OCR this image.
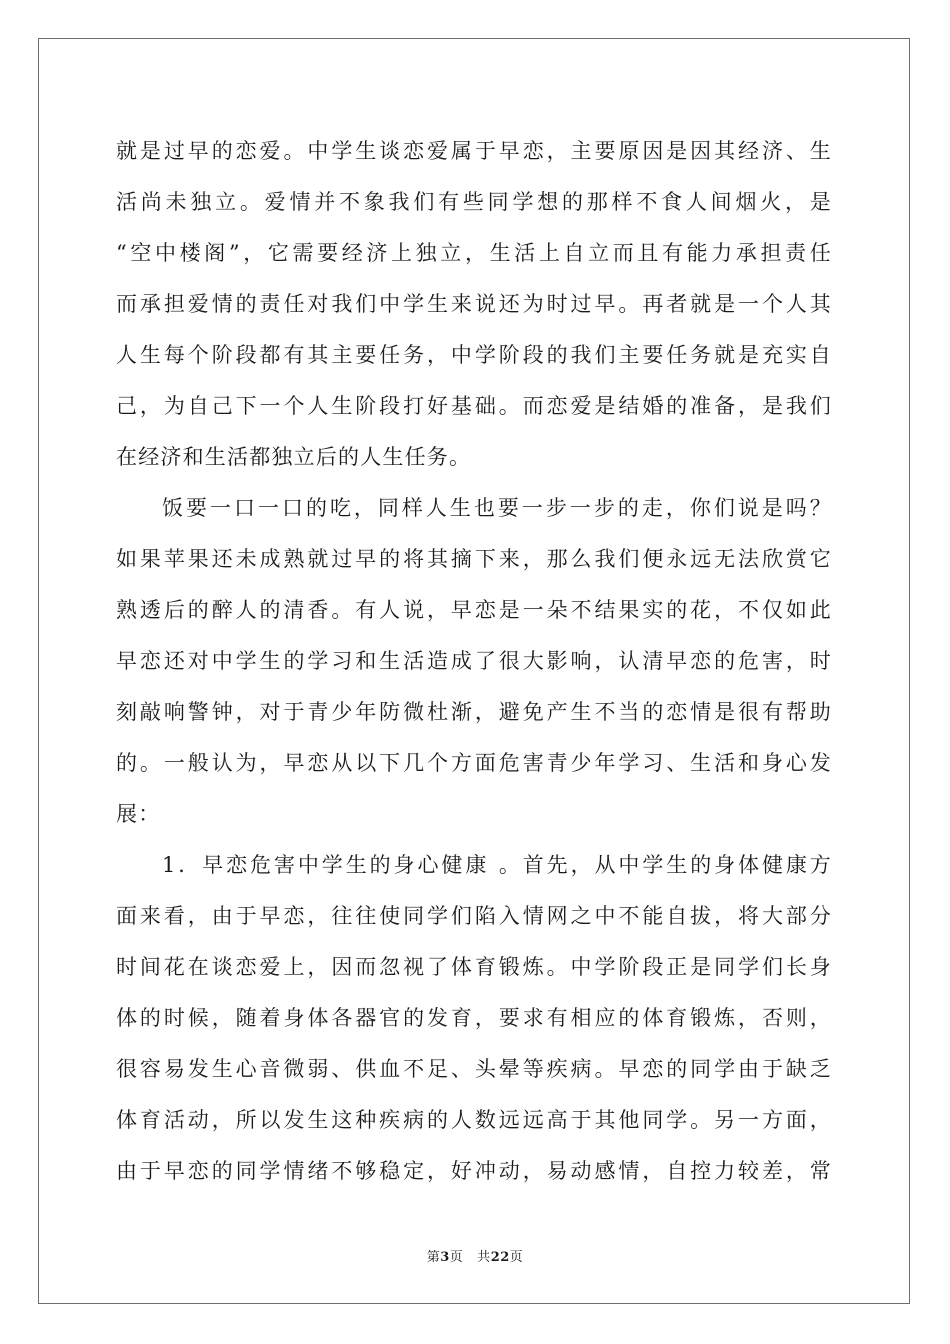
就是过早的恋爱。中学生谈恋爱属于早恋，主要原因是因其经济、生
活尚未独立。爱情并不象我们有些同学想的那样不食人间烟火，是
“空中楼阁”，它需要经济上独立，生活上自立而且有能力承担责任
而承担爱情的责任对我们中学生来说还为时过早。再者就是一个人其
人生每个阶段都有其主要任务，中学阶段的我们主要任务就是充实自
己，为自己下一个人生阶段打好基础。而恋爱是结婚的准备，是我们
在经济和生活都独立后的人生任务。
饭要一口一口的吃，同样人生也要一步一步的走，你们说是吗？
如果苹果还未成熟就过早的将其摘下来，那么我们便永远无法欣赏它
熟透后的醉人的清香。有人说，早恋是一朵不结果实的花，不仅如此
早恋还对中学生的学习和生活造成了很大影响，认清早恋的危害，时
刻敲响警钟，对于青少年防微杜渐，避免产生不当的恋情是很有帮助
的。一般认为，早恋从以下几个方面危害青少年学习、生活和身心发
展：
1．早恋危害中学生的身心健康 。首先，从中学生的身体健康方
面来看，由于早恋，往往使同学们陷入情网之中不能自拔，将大部分
时间花在谈恋爱上，因而忽视了体育锻炼。中学阶段正是同学们长身
体的时候，随着身体各器官的发育，要求有相应的体育锻炼，否则，
很容易发生心音微弱、供血不足、头晕等疾病。早恋的同学由于缺乏
体育活动，所以发生这种疾病的人数远远高于其他同学。另一方面，
由于早恋的同学情绪不够稳定，好冲动，易动感情，自控力较差，常
第3页 共22页
